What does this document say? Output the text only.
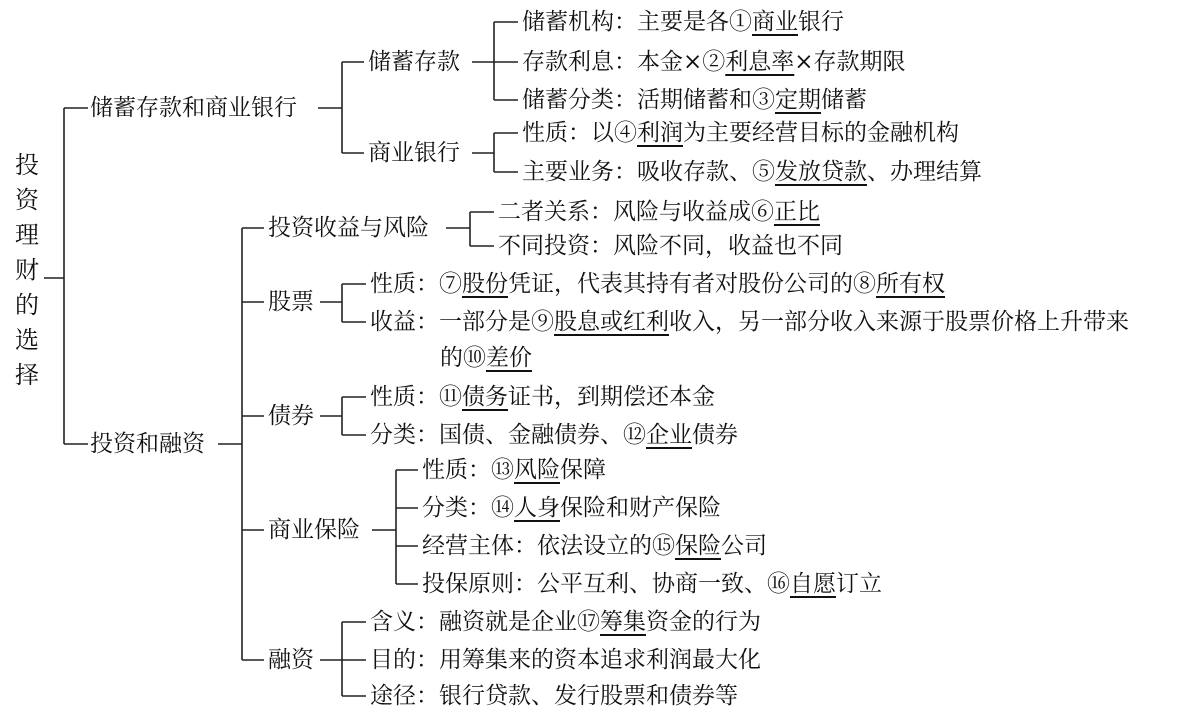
投资理财的选择
储蓄存款和商业银行
储蓄存款
储蓄机构：主要是各①商业银行
存款利息：本金×②利息率×存款期限
储蓄分类：活期储蓄和③定期储蓄
商业银行
性质：以④利润为主要经营目标的金融机构
主要业务：吸收存款、⑤发放贷款、办理结算
投资和融资
投资收益与风险
二者关系：风险与收益成⑥正比
不同投资：风险不同，收益也不同
股票
性质：⑦股份凭证，代表其持有者对股份公司的⑧所有权
收益：一部分是⑨股息或红利收入，另一部分收入来源于股票价格上升带来
的⑩差价
债券
性质：⑪债务证书，到期偿还本金
分类：国债、金融债券、⑫企业债券
商业保险
性质：⑬风险保障
分类：⑭人身保险和财产保险
经营主体：依法设立的⑮保险公司
投保原则：公平互利、协商一致、⑯自愿订立
融资
含义：融资就是企业⑰筹集资金的行为
目的：用筹集来的资本追求利润最大化
途径：银行贷款、发行股票和债券等
